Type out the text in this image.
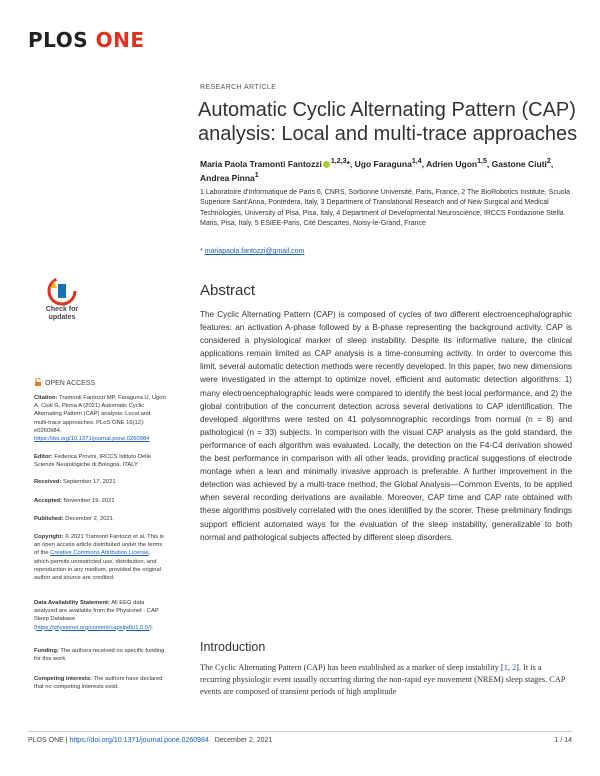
PLOS ONE
RESEARCH ARTICLE
Automatic Cyclic Alternating Pattern (CAP) analysis: Local and multi-trace approaches
Maria Paola Tramonti Fantozzi $^{1,2,3}$*, Ugo Faraguna$^{1,4}$, Adrien Ugon$^{1,5}$, Gastone Ciuti$^2$, Andrea Pinna$^1$
1 Laboratoire d'Informatique de Paris 6, CNRS, Sorbonne Université, Paris, France, 2 The BioRobotics Institute, Scuola Superiore Sant'Anna, Pontedera, Italy, 3 Department of Translational Research and of New Surgical and Medical Technologies, University of Pisa, Pisa, Italy, 4 Department of Developmental Neuroscience, IRCCS Fondazione Stella Maris, Pisa, Italy, 5 ESIEE-Paris, Cité Descartes, Noisy-le-Grand, France
* mariapaola.fantozzi@gmail.com
Check for
updates
OPEN ACCESS
Citation: Tramonti Fantozzi MP, Faraguna U, Ugon A, Ciuti G, Pinna A (2021) Automatic Cyclic Alternating Pattern (CAP) analysis: Local and multi-trace approaches. PLoS ONE 16(12): e0260984. https://doi.org/10.1371/journal.pone.0260984
Editor: Federica Provini, IRCCS Istituto Delle Scienze Neurologiche di Bologna, ITALY
Received: September 17, 2021
Accepted: November 19, 2021
Published: December 2, 2021
Copyright: © 2021 Tramonti Fantozzi et al. This is an open access article distributed under the terms of the Creative Commons Attribution License, which permits unrestricted use, distribution, and reproduction in any medium, provided the original author and source are credited.
Data Availability Statement: All EEG data analyzed are available from the Physionet - CAP Sleep Database (https://physionet.org/content/capslpdb/1.0.0/).
Funding: The authors received no specific funding for this work.
Competing interests: The authors have declared that no competing interests exist.
Abstract
The Cyclic Alternating Pattern (CAP) is composed of cycles of two different electroencephalographic features: an activation A-phase followed by a B-phase representing the background activity. CAP is considered a physiological marker of sleep instability. Despite its informative nature, the clinical applications remain limited as CAP analysis is a time-consuming activity. In order to overcome this limit, several automatic detection methods were recently developed. In this paper, two new dimensions were investigated in the attempt to optimize novel, efficient and automatic detection algorithms: 1) many electroencephalographic leads were compared to identify the best local performance, and 2) the global contribution of the concurrent detection across several derivations to CAP identification. The developed algorithms were tested on 41 polysomnographic recordings from normal (n = 8) and pathological (n = 33) subjects. In comparison with the visual CAP analysis as the gold standard, the performance of each algorithm was evaluated. Locally, the detection on the F4-C4 derivation showed the best performance in comparison with all other leads, providing practical suggestions of electrode montage when a lean and minimally invasive approach is preferable. A further improvement in the detection was achieved by a multi-trace method, the Global Analysis—Common Events, to be applied when several recording derivations are available. Moreover, CAP time and CAP rate obtained with these algorithms positively correlated with the ones identified by the scorer. These preliminary findings support efficient automated ways for the evaluation of the sleep instability, generalizable to both normal and pathological subjects affected by different sleep disorders.
Introduction
The Cyclic Alternating Pattern (CAP) has been established as a marker of sleep instability [1, 2]. It is a recurring physiologic event usually occurring during the non-rapid eye movement (NREM) sleep stages. CAP events are composed of transient periods of high amplitude
PLOS ONE | https://doi.org/10.1371/journal.pone.0260984 December 2, 2021	1 / 14
